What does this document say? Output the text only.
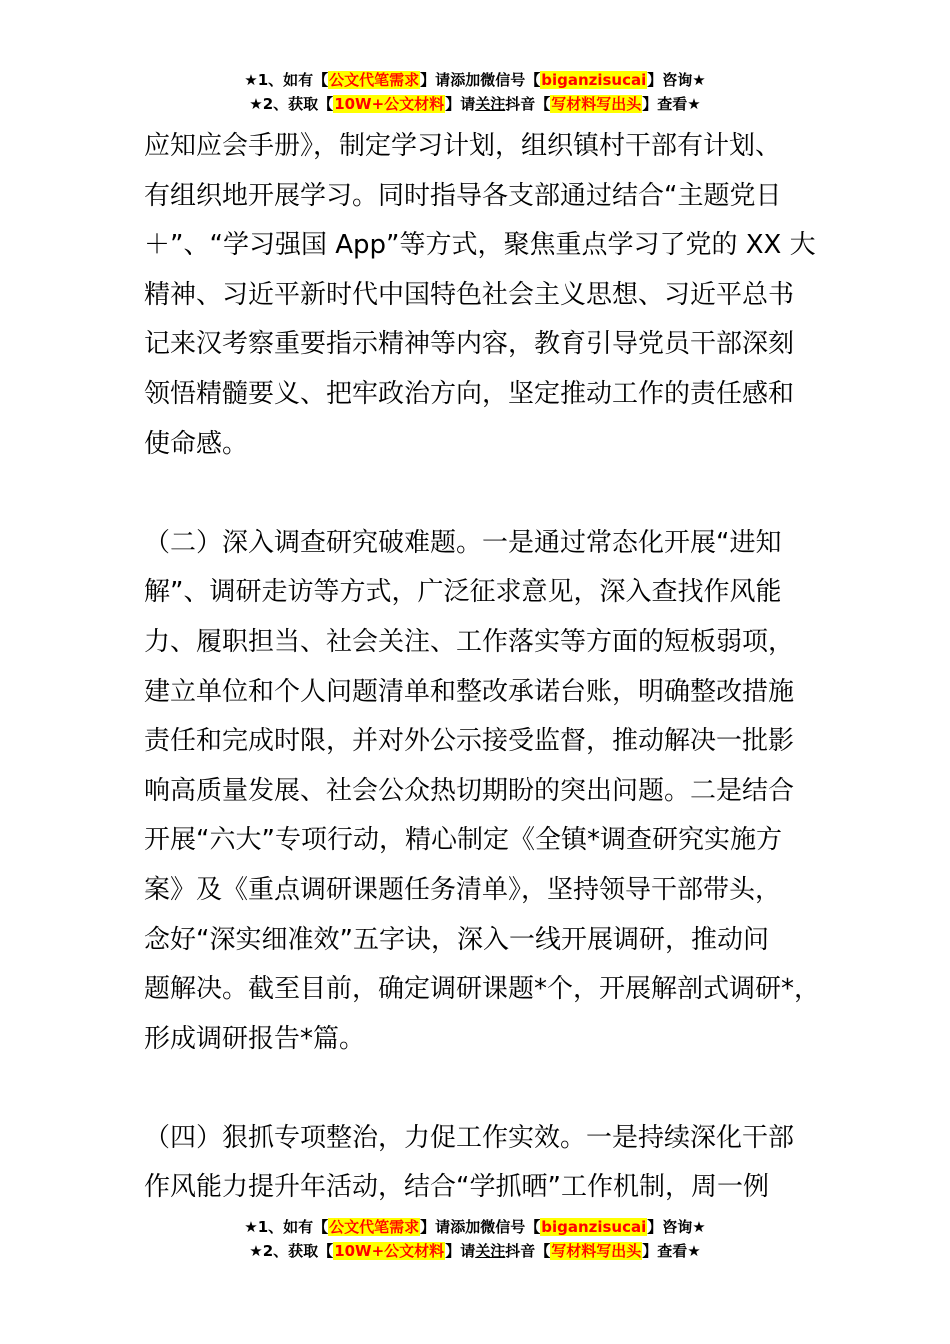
★1、如有【公文代笔需求】请添加微信号【biganzisucai】咨询★
★2、获取【10W+公文材料】请关注抖音【写材料写出头】查看★
应知应会手册》，制定学习计划，组织镇村干部有计划、
有组织地开展学习。同时指导各支部通过结合“主题党日
＋”、“学习强国 App”等方式，聚焦重点学习了党的 XX 大
精神、习近平新时代中国特色社会主义思想、习近平总书
记来汉考察重要指示精神等内容，教育引导党员干部深刻
领悟精髓要义、把牢政治方向，坚定推动工作的责任感和
使命感。
（二）深入调查研究破难题。一是通过常态化开展“进知
解”、调研走访等方式，广泛征求意见，深入查找作风能
力、履职担当、社会关注、工作落实等方面的短板弱项，
建立单位和个人问题清单和整改承诺台账，明确整改措施
责任和完成时限，并对外公示接受监督，推动解决一批影
响高质量发展、社会公众热切期盼的突出问题。二是结合
开展“六大”专项行动，精心制定《全镇*调查研究实施方
案》及《重点调研课题任务清单》，坚持领导干部带头，
念好“深实细准效”五字诀，深入一线开展调研，推动问
题解决。截至目前，确定调研课题*个，开展解剖式调研*，
形成调研报告*篇。
（四）狠抓专项整治，力促工作实效。一是持续深化干部
作风能力提升年活动，结合“学抓晒”工作机制，周一例
★1、如有【公文代笔需求】请添加微信号【biganzisucai】咨询★
★2、获取【10W+公文材料】请关注抖音【写材料写出头】查看★
